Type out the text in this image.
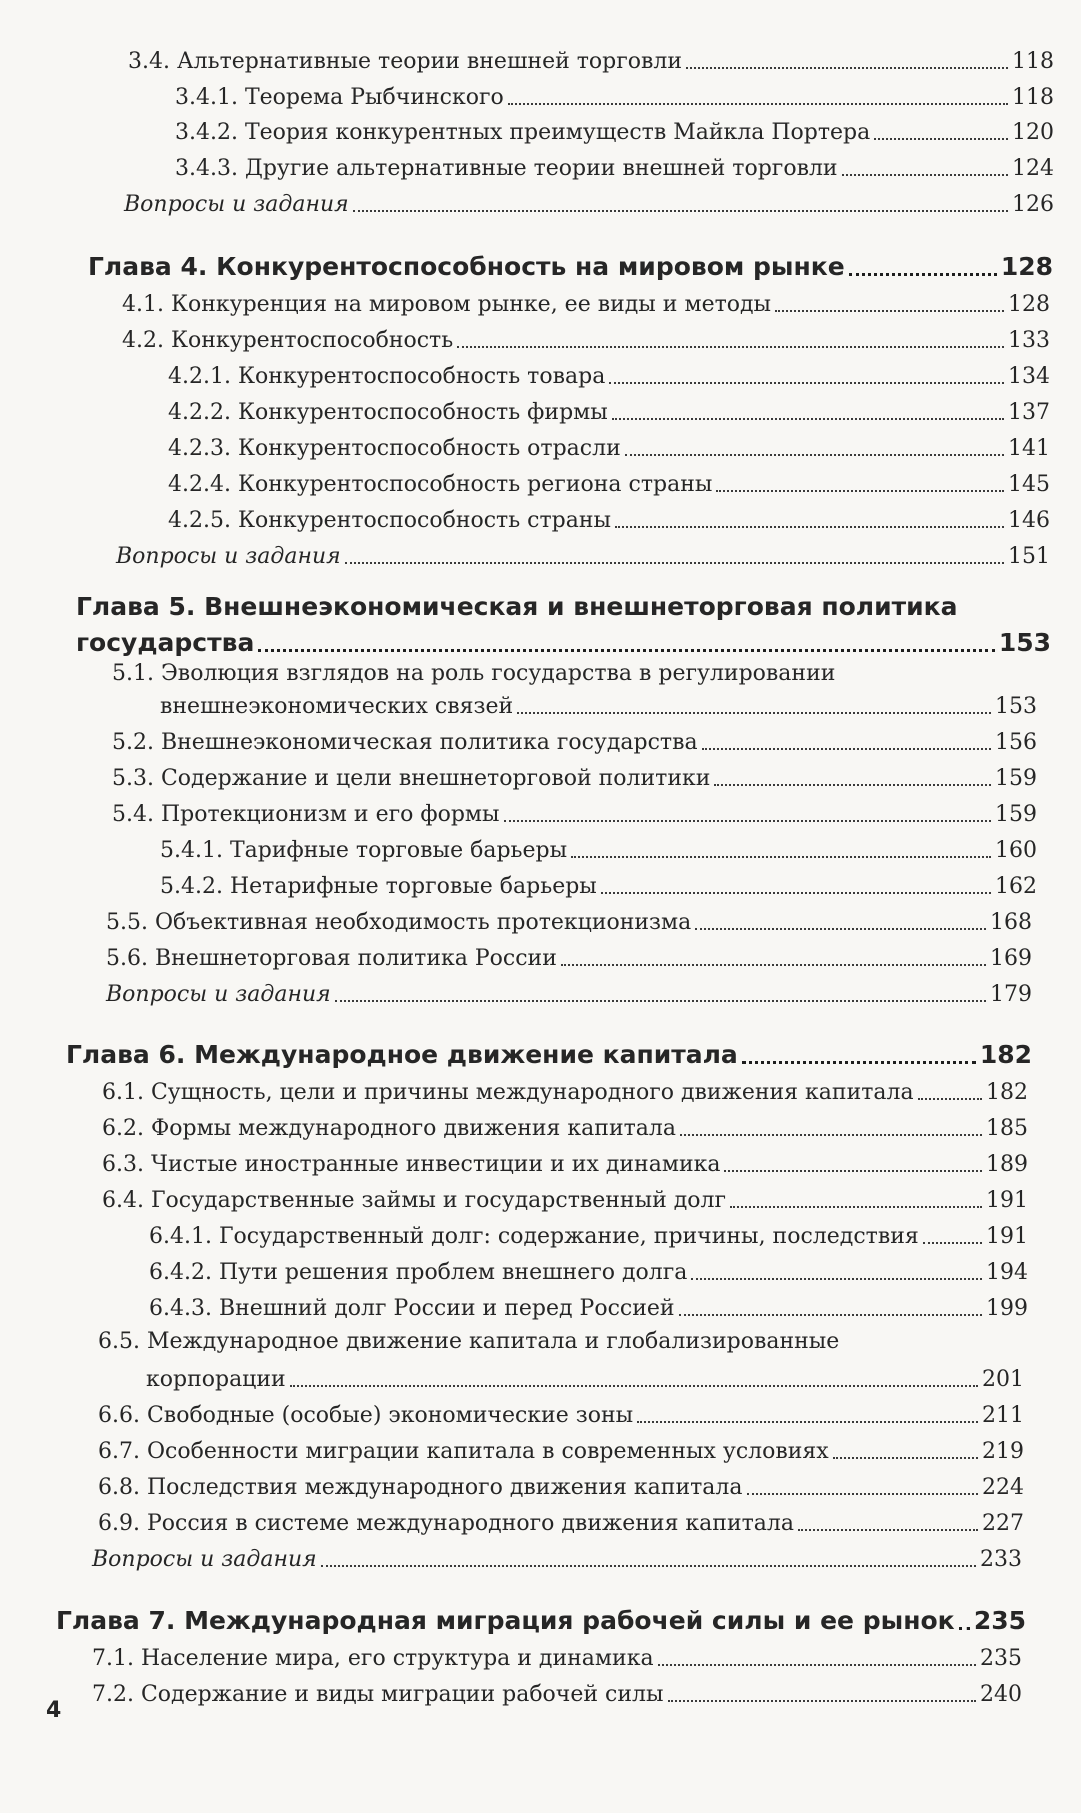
3.4. Альтернативные теории внешней торговли	118
3.4.1. Теорема Рыбчинского	118
3.4.2. Теория конкурентных преимуществ Майкла Портера	120
3.4.3. Другие альтернативные теории внешней торговли	124
Вопросы и задания	126
Глава 4. Конкурентоспособность на мировом рынке	128
4.1. Конкуренция на мировом рынке, ее виды и методы	128
4.2. Конкурентоспособность	133
4.2.1. Конкурентоспособность товара	134
4.2.2. Конкурентоспособность фирмы	137
4.2.3. Конкурентоспособность отрасли	141
4.2.4. Конкурентоспособность региона страны	145
4.2.5. Конкурентоспособность страны	146
Вопросы и задания	151
Глава 5. Внешнеэкономическая и внешнеторговая политика
государства	153
5.1. Эволюция взглядов на роль государства в регулировании
внешнеэкономических связей	153
5.2. Внешнеэкономическая политика государства	156
5.3. Содержание и цели внешнеторговой политики	159
5.4. Протекционизм и его формы	159
5.4.1. Тарифные торговые барьеры	160
5.4.2. Нетарифные торговые барьеры	162
5.5. Объективная необходимость протекционизма	168
5.6. Внешнеторговая политика России	169
Вопросы и задания	179
Глава 6. Международное движение капитала	182
6.1. Сущность, цели и причины международного движения капитала	182
6.2. Формы международного движения капитала	185
6.3. Чистые иностранные инвестиции и их динамика	189
6.4. Государственные займы и государственный долг	191
6.4.1. Государственный долг: содержание, причины, последствия	191
6.4.2. Пути решения проблем внешнего долга	194
6.4.3. Внешний долг России и перед Россией	199
6.5. Международное движение капитала и глобализированные
корпорации	201
6.6. Свободные (особые) экономические зоны	211
6.7. Особенности миграции капитала в современных условиях	219
6.8. Последствия международного движения капитала	224
6.9. Россия в системе международного движения капитала	227
Вопросы и задания	233
Глава 7. Международная миграция рабочей силы и ее рынок 235
7.1. Население мира, его структура и динамика	235
7.2. Содержание и виды миграции рабочей силы	240
4
